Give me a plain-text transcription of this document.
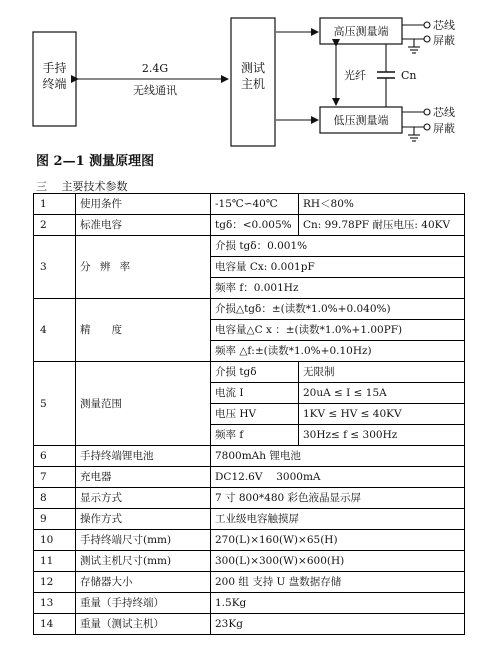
手持
终端
2.4G
无线通讯
测试
主机
高压测量端
低压测量端
光纤	Cn
芯线
屏蔽
芯线
屏蔽
图 2—1 测量原理图
三　 主要技术参数
1	使用条件	-15℃∽40℃	RH＜80%
2	标准电容	tgδ：<0.005%	Cn: 99.78PF 耐压电压: 40KV
3	分 辨 率	介损 tgδ：0.001%	
		电容量 Cx: 0.001pF	
		频率 f：0.001Hz	
4	精　　度	介损△tgδ：±(读数*1.0%+0.040%)	
		电容量△C x ：±(读数*1.0%+1.00PF)	
		频率 △f:±(读数*1.0%+0.10Hz)	
5	测量范围	介损 tgδ	无限制
		电流 I	20uA ≤ I ≤ 15A
		电压 HV	1KV ≤ HV ≤ 40KV
		频率 f	30Hz≤ f ≤ 300Hz
6	手持终端锂电池	7800mAh 锂电池	
7	充电器	DC12.6V　 3000mA	
8	显示方式	7 寸 800*480 彩色液晶显示屏	
9	操作方式	工业级电容触摸屏	
10	手持终端尺寸(mm)	270(L)×160(W)×65(H)	
11	测试主机尺寸(mm)	300(L)×300(W)×600(H)	
12	存储器大小	200 组 支持 U 盘数据存储	
13	重量（手持终端）	1.5Kg	
14	重量（测试主机）	23Kg	
